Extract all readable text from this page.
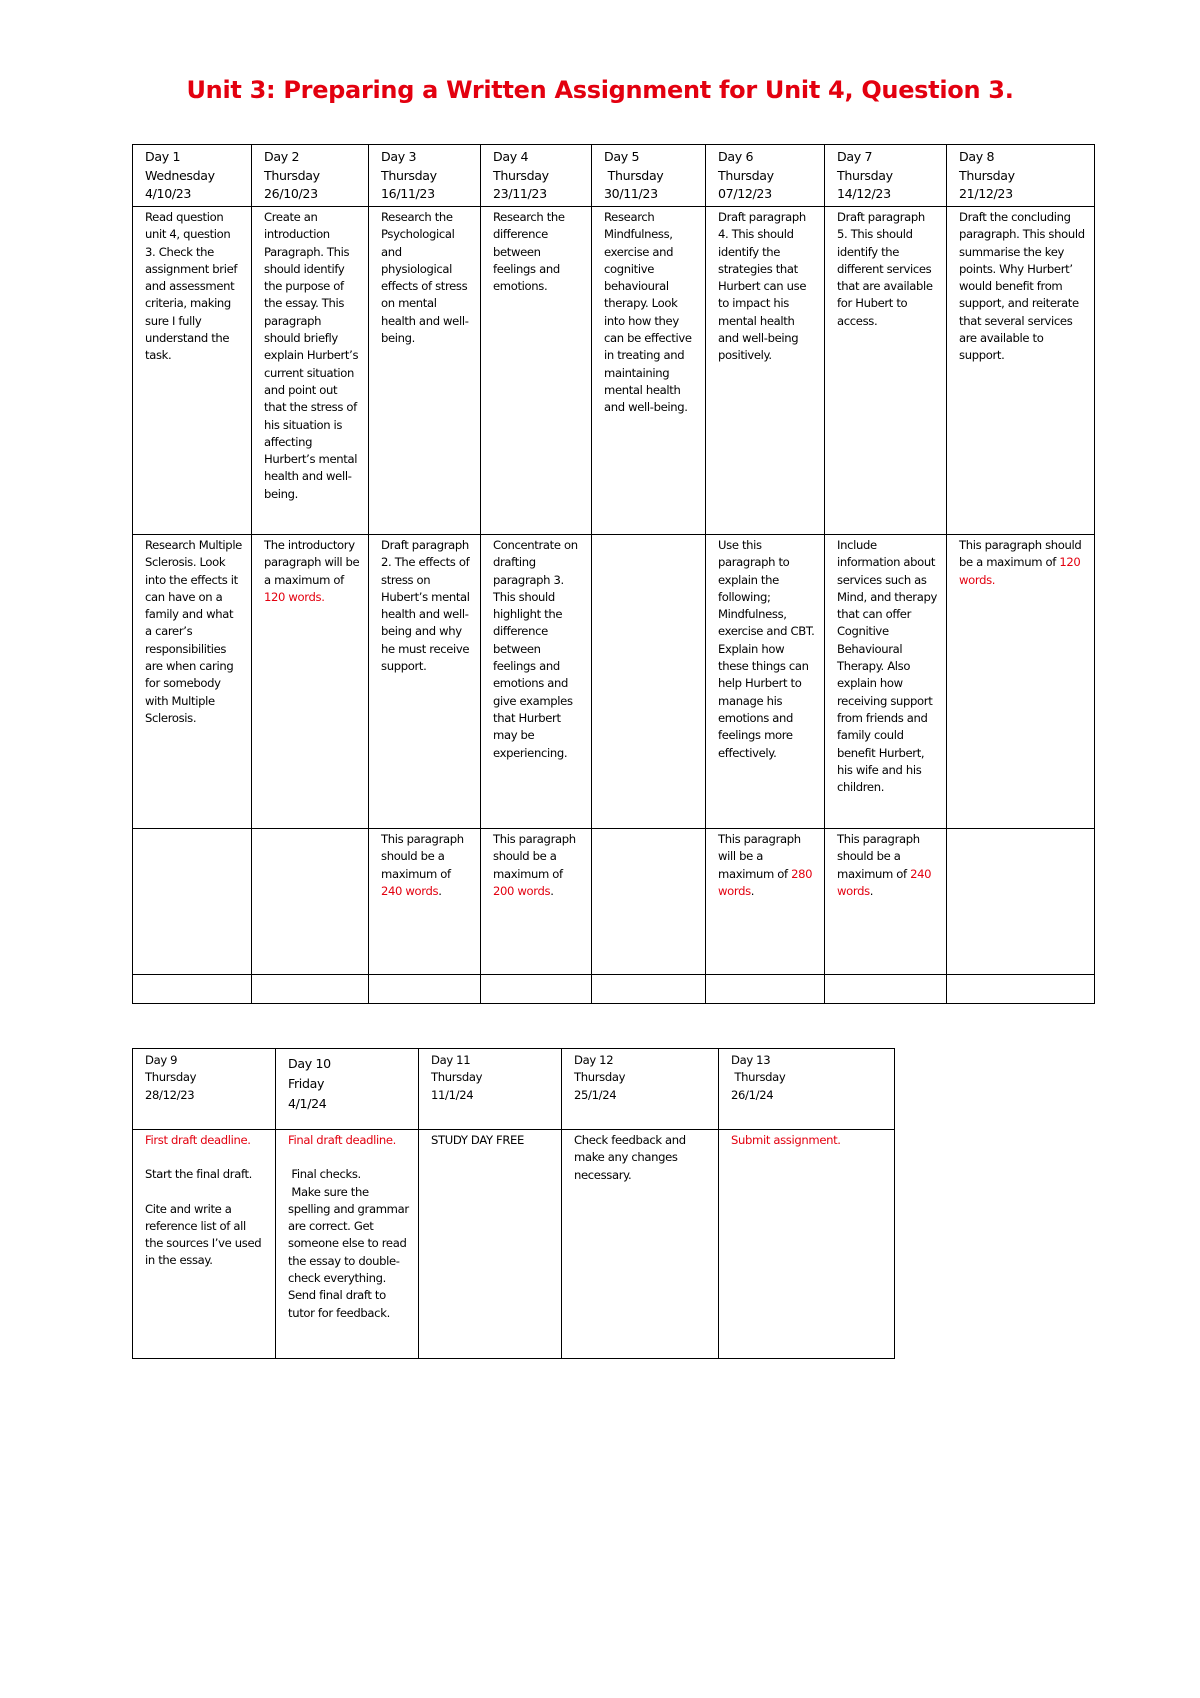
Unit 3: Preparing a Written Assignment for Unit 4, Question 3.
Day 1
Wednesday
4/10/23	Day 2
Thursday
26/10/23	Day 3
Thursday
16/11/23	Day 4
Thursday
23/11/23	Day 5
Thursday
30/11/23	Day 6
Thursday
07/12/23	Day 7
Thursday
14/12/23	Day 8
Thursday
21/12/23

Read question unit 4, question 3. Check the assignment brief and assessment criteria, making sure I fully understand the task.	Create an introduction Paragraph. This should identify the purpose of the essay. This paragraph should briefly explain Hurbert’s current situation and point out that the stress of his situation is affecting Hurbert’s mental health and well-being.	Research the Psychological and physiological effects of stress on mental health and well-being.	Research the difference between feelings and emotions.	Research Mindfulness, exercise and cognitive behavioural therapy. Look into how they can be effective in treating and maintaining mental health and well-being.	Draft paragraph 4. This should identify the strategies that Hurbert can use to impact his mental health and well-being positively.	Draft paragraph 5. This should identify the different services that are available for Hubert to access.	Draft the concluding paragraph. This should summarise the key points. Why Hurbert’ would benefit from support, and reiterate that several services are available to support.
Research Multiple Sclerosis. Look into the effects it can have on a family and what a carer’s responsibilities are when caring for somebody with Multiple Sclerosis.	The introductory paragraph will be a maximum of 120 words.	Draft paragraph 2. The effects of stress on Hubert’s mental health and well-being and why he must receive support.	Concentrate on drafting paragraph 3. This should highlight the difference between feelings and emotions and give examples that Hurbert may be experiencing.		Use this paragraph to explain the following; Mindfulness, exercise and CBT. Explain how these things can help Hurbert to manage his emotions and feelings more effectively.	Include information about services such as Mind, and therapy that can offer Cognitive Behavioural Therapy. Also explain how receiving support from friends and family could benefit Hurbert, his wife and his children.	This paragraph should be a maximum of 120 words.
		This paragraph should be a maximum of 240 words.	This paragraph should be a maximum of 200 words.		This paragraph will be a maximum of 280 words.	This paragraph should be a maximum of 240 words.	

Day 9
Thursday
28/12/23	Day 10
Friday
4/1/24	Day 11
Thursday
11/1/24	Day 12
Thursday
25/1/24	Day 13
Thursday
26/1/24

First draft deadline.
Start the final draft.
Cite and write a reference list of all the sources I’ve used in the essay.	Final draft deadline.
Final checks.
Make sure the spelling and grammar are correct. Get someone else to read the essay to double-check everything. Send final draft to tutor for feedback.	STUDY DAY FREE	Check feedback and make any changes necessary.	Submit assignment.
